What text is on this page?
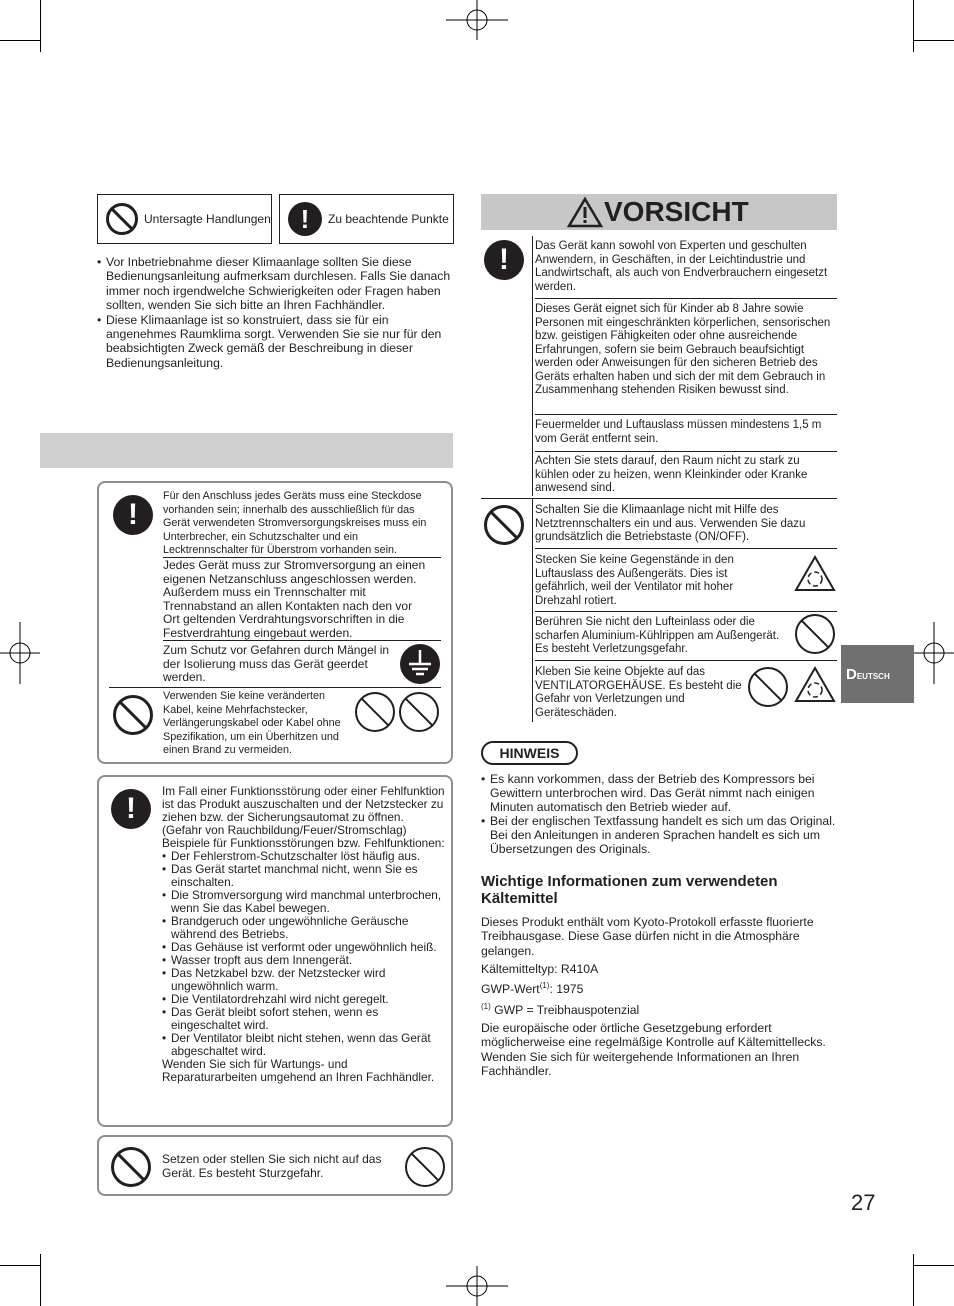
Untersagte Handlungen	!	Zu beachtende Punkte
• Vor Inbetriebnahme dieser Klimaanlage sollten Sie diese Bedienungsanleitung aufmerksam durchlesen. Falls Sie danach immer noch irgendwelche Schwierigkeiten oder Fragen haben sollten, wenden Sie sich bitte an Ihren Fachhändler.
• Diese Klimaanlage ist so konstruiert, dass sie für ein angenehmes Raumklima sorgt. Verwenden Sie sie nur für den beabsichtigten Zweck gemäß der Beschreibung in dieser Bedienungsanleitung.
!
Für den Anschluss jedes Geräts muss eine Steckdose vorhanden sein; innerhalb des ausschließlich für das Gerät verwendeten Stromversorgungskreises muss ein Unterbrecher, ein Schutzschalter und ein Lecktrennschalter für Überstrom vorhanden sein.
Jedes Gerät muss zur Stromversorgung an einen eigenen Netzanschluss angeschlossen werden. Außerdem muss ein Trennschalter mit Trennabstand an allen Kontakten nach den vor Ort geltenden Verdrahtungsvorschriften in die Festverdrahtung eingebaut werden.
Zum Schutz vor Gefahren durch Mängel in der Isolierung muss das Gerät geerdet werden.
Verwenden Sie keine veränderten Kabel, keine Mehrfachstecker, Verlängerungskabel oder Kabel ohne Spezifikation, um ein Überhitzen und einen Brand zu vermeiden.
!
Im Fall einer Funktionsstörung oder einer Fehlfunktion ist das Produkt auszuschalten und der Netzstecker zu ziehen bzw. der Sicherungsautomat zu öffnen.
(Gefahr von Rauchbildung/Feuer/Stromschlag)
Beispiele für Funktionsstörungen bzw. Fehlfunktionen:
• Der Fehlerstrom-Schutzschalter löst häufig aus.
• Das Gerät startet manchmal nicht, wenn Sie es einschalten.
• Die Stromversorgung wird manchmal unterbrochen, wenn Sie das Kabel bewegen.
• Brandgeruch oder ungewöhnliche Geräusche während des Betriebs.
• Das Gehäuse ist verformt oder ungewöhnlich heiß.
• Wasser tropft aus dem Innengerät.
• Das Netzkabel bzw. der Netzstecker wird ungewöhnlich warm.
• Die Ventilatordrehzahl wird nicht geregelt.
• Das Gerät bleibt sofort stehen, wenn es eingeschaltet wird.
• Der Ventilator bleibt nicht stehen, wenn das Gerät abgeschaltet wird.
Wenden Sie sich für Wartungs- und Reparaturarbeiten umgehend an Ihren Fachhändler.
Setzen oder stellen Sie sich nicht auf das Gerät. Es besteht Sturzgefahr.
VORSICHT
!	Das Gerät kann sowohl von Experten und geschulten Anwendern, in Geschäften, in der Leichtindustrie und Landwirtschaft, als auch von Endverbrauchern eingesetzt werden.
Dieses Gerät eignet sich für Kinder ab 8 Jahre sowie Personen mit eingeschränkten körperlichen, sensorischen bzw. geistigen Fähigkeiten oder ohne ausreichende Erfahrungen, sofern sie beim Gebrauch beaufsichtigt werden oder Anweisungen für den sicheren Betrieb des Geräts erhalten haben und sich der mit dem Gebrauch in Zusammenhang stehenden Risiken bewusst sind.
Feuermelder und Luftauslass müssen mindestens 1,5 m vom Gerät entfernt sein.
Achten Sie stets darauf, den Raum nicht zu stark zu kühlen oder zu heizen, wenn Kleinkinder oder Kranke anwesend sind.
Schalten Sie die Klimaanlage nicht mit Hilfe des Netztrennschalters ein und aus. Verwenden Sie dazu grundsätzlich die Betriebstaste (ON/OFF).
Stecken Sie keine Gegenstände in den Luftauslass des Außengeräts. Dies ist gefährlich, weil der Ventilator mit hoher Drehzahl rotiert.
Berühren Sie nicht den Lufteinlass oder die scharfen Aluminium-Kühlrippen am Außengerät. Es besteht Verletzungsgefahr.
Kleben Sie keine Objekte auf das VENTILATORGEHÄUSE. Es besteht die Gefahr von Verletzungen und Geräteschäden.
HINWEIS
• Es kann vorkommen, dass der Betrieb des Kompressors bei Gewittern unterbrochen wird. Das Gerät nimmt nach einigen Minuten automatisch den Betrieb wieder auf.
• Bei der englischen Textfassung handelt es sich um das Original. Bei den Anleitungen in anderen Sprachen handelt es sich um Übersetzungen des Originals.
Wichtige Informationen zum verwendeten Kältemittel
Dieses Produkt enthält vom Kyoto-Protokoll erfasste fluorierte Treibhausgase. Diese Gase dürfen nicht in die Atmosphäre gelangen.
Kältemitteltyp: R410A
GWP-Wert$^{(1)}$: 1975
$^{(1)}$ GWP = Treibhauspotenzial
Die europäische oder örtliche Gesetzgebung erfordert möglicherweise eine regelmäßige Kontrolle auf Kältemittellecks. Wenden Sie sich für weitergehende Informationen an Ihren Fachhändler.
D EUTSCH
27
